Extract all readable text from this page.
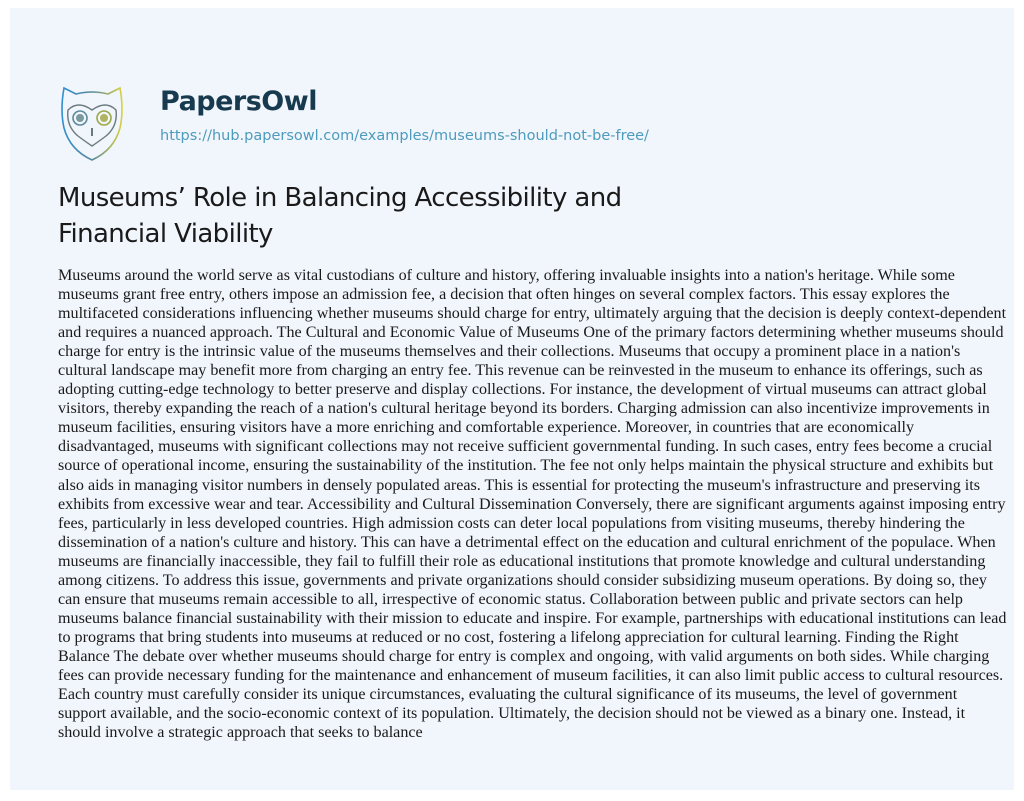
PapersOwl
https://hub.papersowl.com/examples/museums-should-not-be-free/
Museums’ Role in Balancing Accessibility and Financial Viability

Museums around the world serve as vital custodians of culture and history, offering invaluable insights into a nation's heritage. While some museums grant free entry, others impose an admission fee, a decision that often hinges on several complex factors. This essay explores the multifaceted considerations influencing whether museums should charge for entry, ultimately arguing that the decision is deeply context-dependent and requires a nuanced approach. The Cultural and Economic Value of Museums One of the primary factors determining whether museums should charge for entry is the intrinsic value of the museums themselves and their collections. Museums that occupy a prominent place in a nation's cultural landscape may benefit more from charging an entry fee. This revenue can be reinvested in the museum to enhance its offerings, such as adopting cutting-edge technology to better preserve and display collections. For instance, the development of virtual museums can attract global visitors, thereby expanding the reach of a nation's cultural heritage beyond its borders. Charging admission can also incentivize improvements in museum facilities, ensuring visitors have a more enriching and comfortable experience. Moreover, in countries that are economically disadvantaged, museums with significant collections may not receive sufficient governmental funding. In such cases, entry fees become a crucial source of operational income, ensuring the sustainability of the institution. The fee not only helps maintain the physical structure and exhibits but also aids in managing visitor numbers in densely populated areas. This is essential for protecting the museum's infrastructure and preserving its exhibits from excessive wear and tear. Accessibility and Cultural Dissemination Conversely, there are significant arguments against imposing entry fees, particularly in less developed countries. High admission costs can deter local populations from visiting museums, thereby hindering the dissemination of a nation's culture and history. This can have a detrimental effect on the education and cultural enrichment of the populace. When museums are financially inaccessible, they fail to fulfill their role as educational institutions that promote knowledge and cultural understanding among citizens. To address this issue, governments and private organizations should consider subsidizing museum operations. By doing so, they can ensure that museums remain accessible to all, irrespective of economic status. Collaboration between public and private sectors can help museums balance financial sustainability with their mission to educate and inspire. For example, partnerships with educational institutions can lead to programs that bring students into museums at reduced or no cost, fostering a lifelong appreciation for cultural learning. Finding the Right Balance The debate over whether museums should charge for entry is complex and ongoing, with valid arguments on both sides. While charging fees can provide necessary funding for the maintenance and enhancement of museum facilities, it can also limit public access to cultural resources. Each country must carefully consider its unique circumstances, evaluating the cultural significance of its museums, the level of government support available, and the socio-economic context of its population. Ultimately, the decision should not be viewed as a binary one. Instead, it should involve a strategic approach that seeks to balance
